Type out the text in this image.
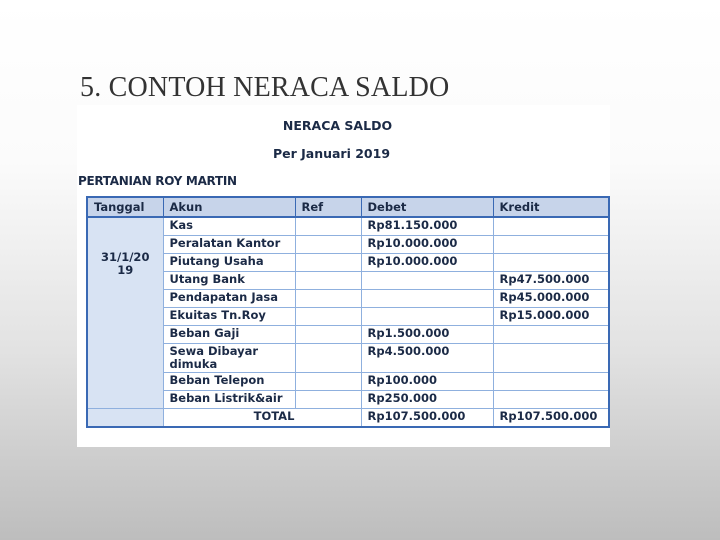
5. CONTOH NERACA SALDO
NERACA SALDO
Per Januari 2019
PERTANIAN ROY MARTIN
Tanggal	Akun	Ref	Debet	Kredit
31/1/20 19	Kas		Rp81.150.000	
	Peralatan Kantor		Rp10.000.000	
	Piutang Usaha		Rp10.000.000	
	Utang Bank			Rp47.500.000
	Pendapatan Jasa			Rp45.000.000
	Ekuitas Tn.Roy			Rp15.000.000
	Beban Gaji		Rp1.500.000	
	Sewa Dibayar dimuka		Rp4.500.000	
	Beban Telepon		Rp100.000	
	Beban Listrik&air		Rp250.000	
	TOTAL		Rp107.500.000	Rp107.500.000
